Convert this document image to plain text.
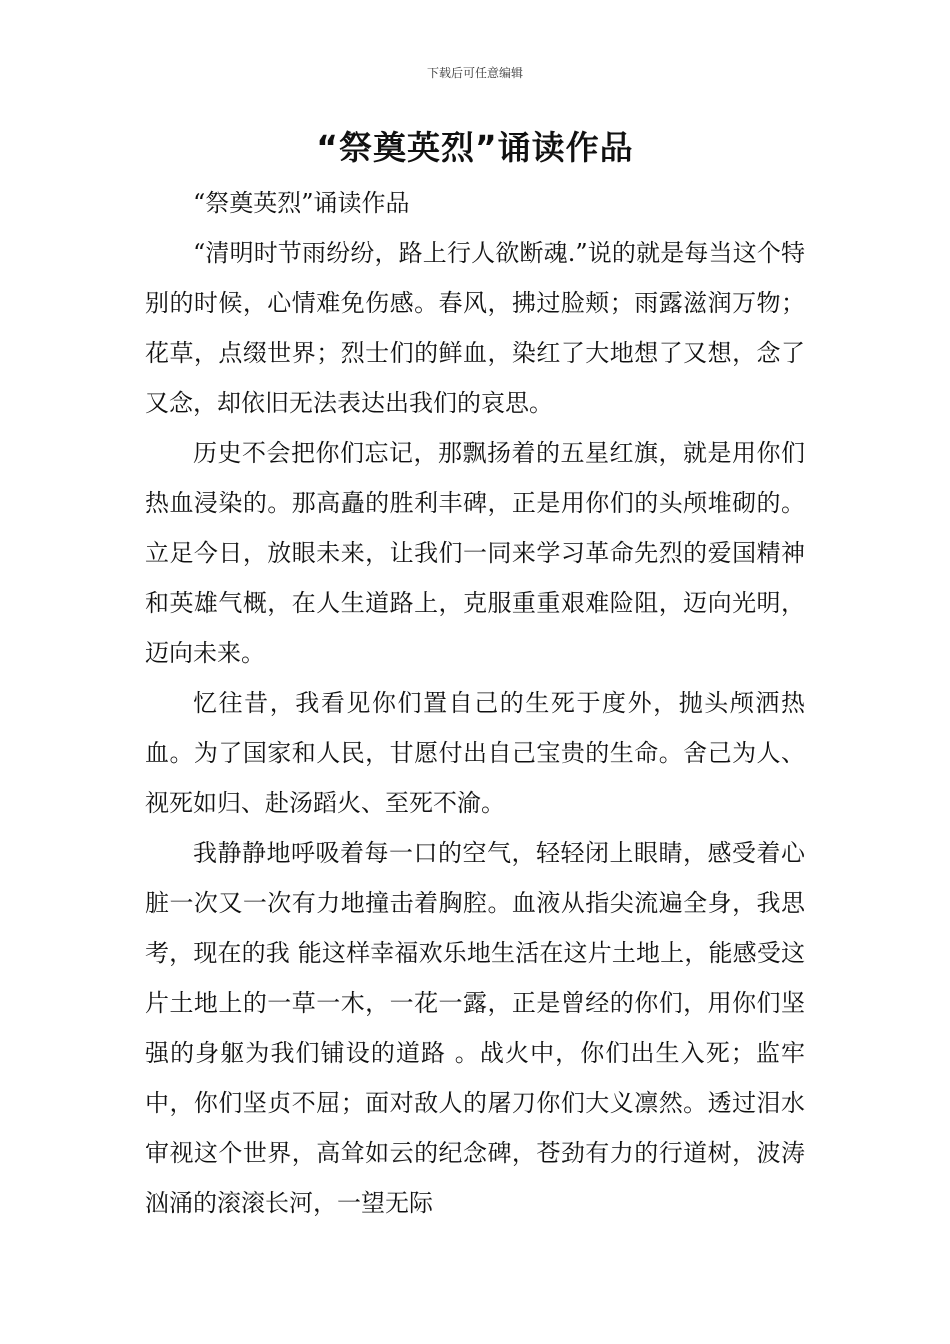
下载后可任意编辑
“祭奠英烈”诵读作品

“祭奠英烈”诵读作品

“清明时节雨纷纷，路上行人欲断魂.”说的就是每当这个特别的时候，心情难免伤感。春风，拂过脸颊；雨露滋润万物；花草，点缀世界；烈士们的鲜血，染红了大地想了又想，念了又念，却依旧无法表达出我们的哀思。

历史不会把你们忘记，那飘扬着的五星红旗，就是用你们热血浸染的。那高矗的胜利丰碑，正是用你们的头颅堆砌的。立足今日，放眼未来，让我们一同来学习革命先烈的爱国精神和英雄气概，在人生道路上，克服重重艰难险阻，迈向光明，迈向未来。

忆往昔，我看见你们置自己的生死于度外，抛头颅洒热血。为了国家和人民，甘愿付出自己宝贵的生命。舍己为人、视死如归、赴汤蹈火、至死不渝。

我静静地呼吸着每一口的空气，轻轻闭上眼睛，感受着心脏一次又一次有力地撞击着胸腔。血液从指尖流遍全身，我思考，现在的我 能这样幸福欢乐地生活在这片土地上，能感受这片土地上的一草一木，一花一露，正是曾经的你们，用你们坚强的身躯为我们铺设的道路 。战火中，你们出生入死；监牢中，你们坚贞不屈；面对敌人的屠刀你们大义凛然。透过泪水审视这个世界，高耸如云的纪念碑，苍劲有力的行道树，波涛汹涌的滚滚长河，一望无际
